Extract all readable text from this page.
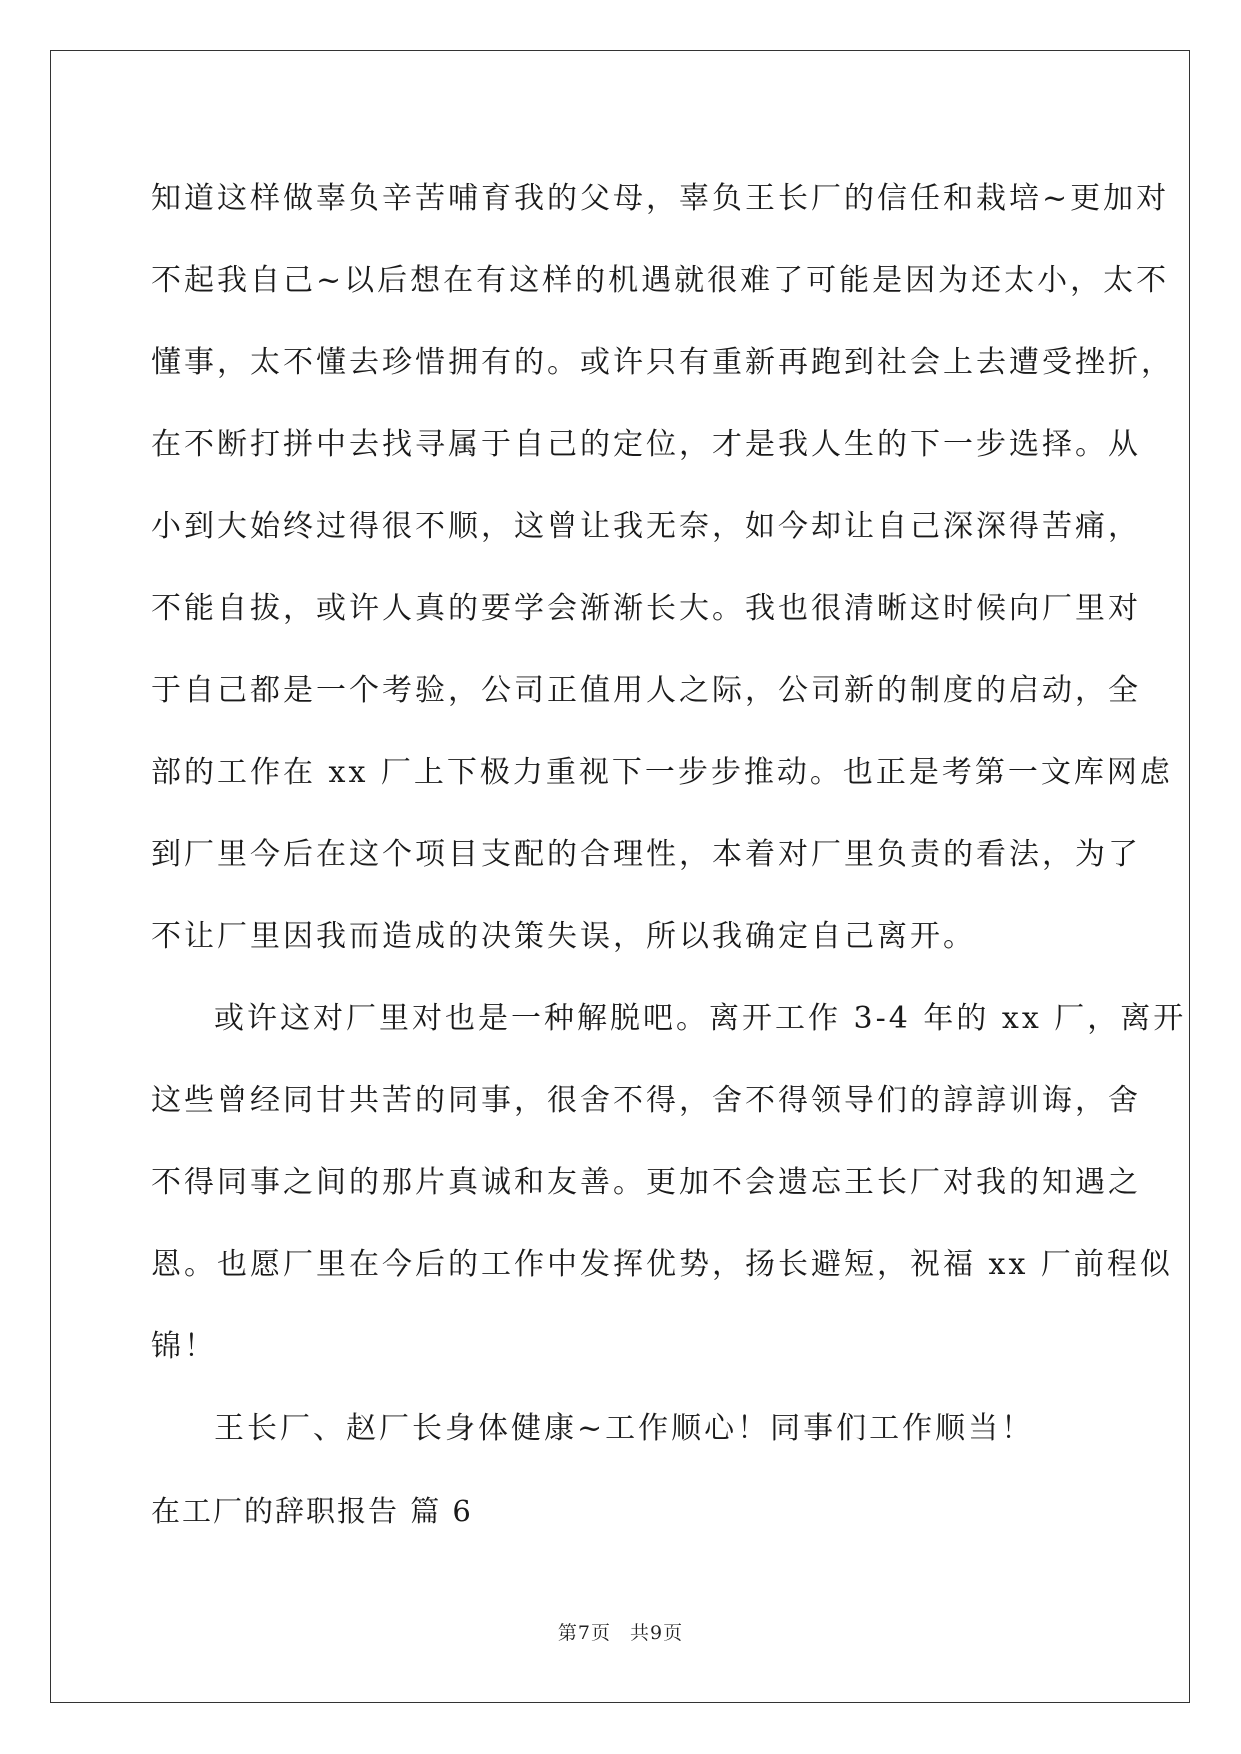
知道这样做辜负辛苦哺育我的父母，辜负王长厂的信任和栽培~更加对
不起我自己~以后想在有这样的机遇就很难了可能是因为还太小，太不
懂事，太不懂去珍惜拥有的。或许只有重新再跑到社会上去遭受挫折，
在不断打拼中去找寻属于自己的定位，才是我人生的下一步选择。从
小到大始终过得很不顺，这曾让我无奈，如今却让自己深深得苦痛，
不能自拔，或许人真的要学会渐渐长大。我也很清晰这时候向厂里对
于自己都是一个考验，公司正值用人之际，公司新的制度的启动，全
部的工作在 xx 厂上下极力重视下一步步推动。也正是考第一文库网虑
到厂里今后在这个项目支配的合理性，本着对厂里负责的看法，为了
不让厂里因我而造成的决策失误，所以我确定自己离开。
或许这对厂里对也是一种解脱吧。离开工作 3-4 年的 xx 厂，离开
这些曾经同甘共苦的同事，很舍不得，舍不得领导们的諄諄训诲，舍
不得同事之间的那片真诚和友善。更加不会遗忘王长厂对我的知遇之
恩。也愿厂里在今后的工作中发挥优势，扬长避短，祝福 xx 厂前程似
锦！
王长厂、赵厂长身体健康~工作顺心！同事们工作顺当！
在工厂的辞职报告 篇 6
第7页 共9页
